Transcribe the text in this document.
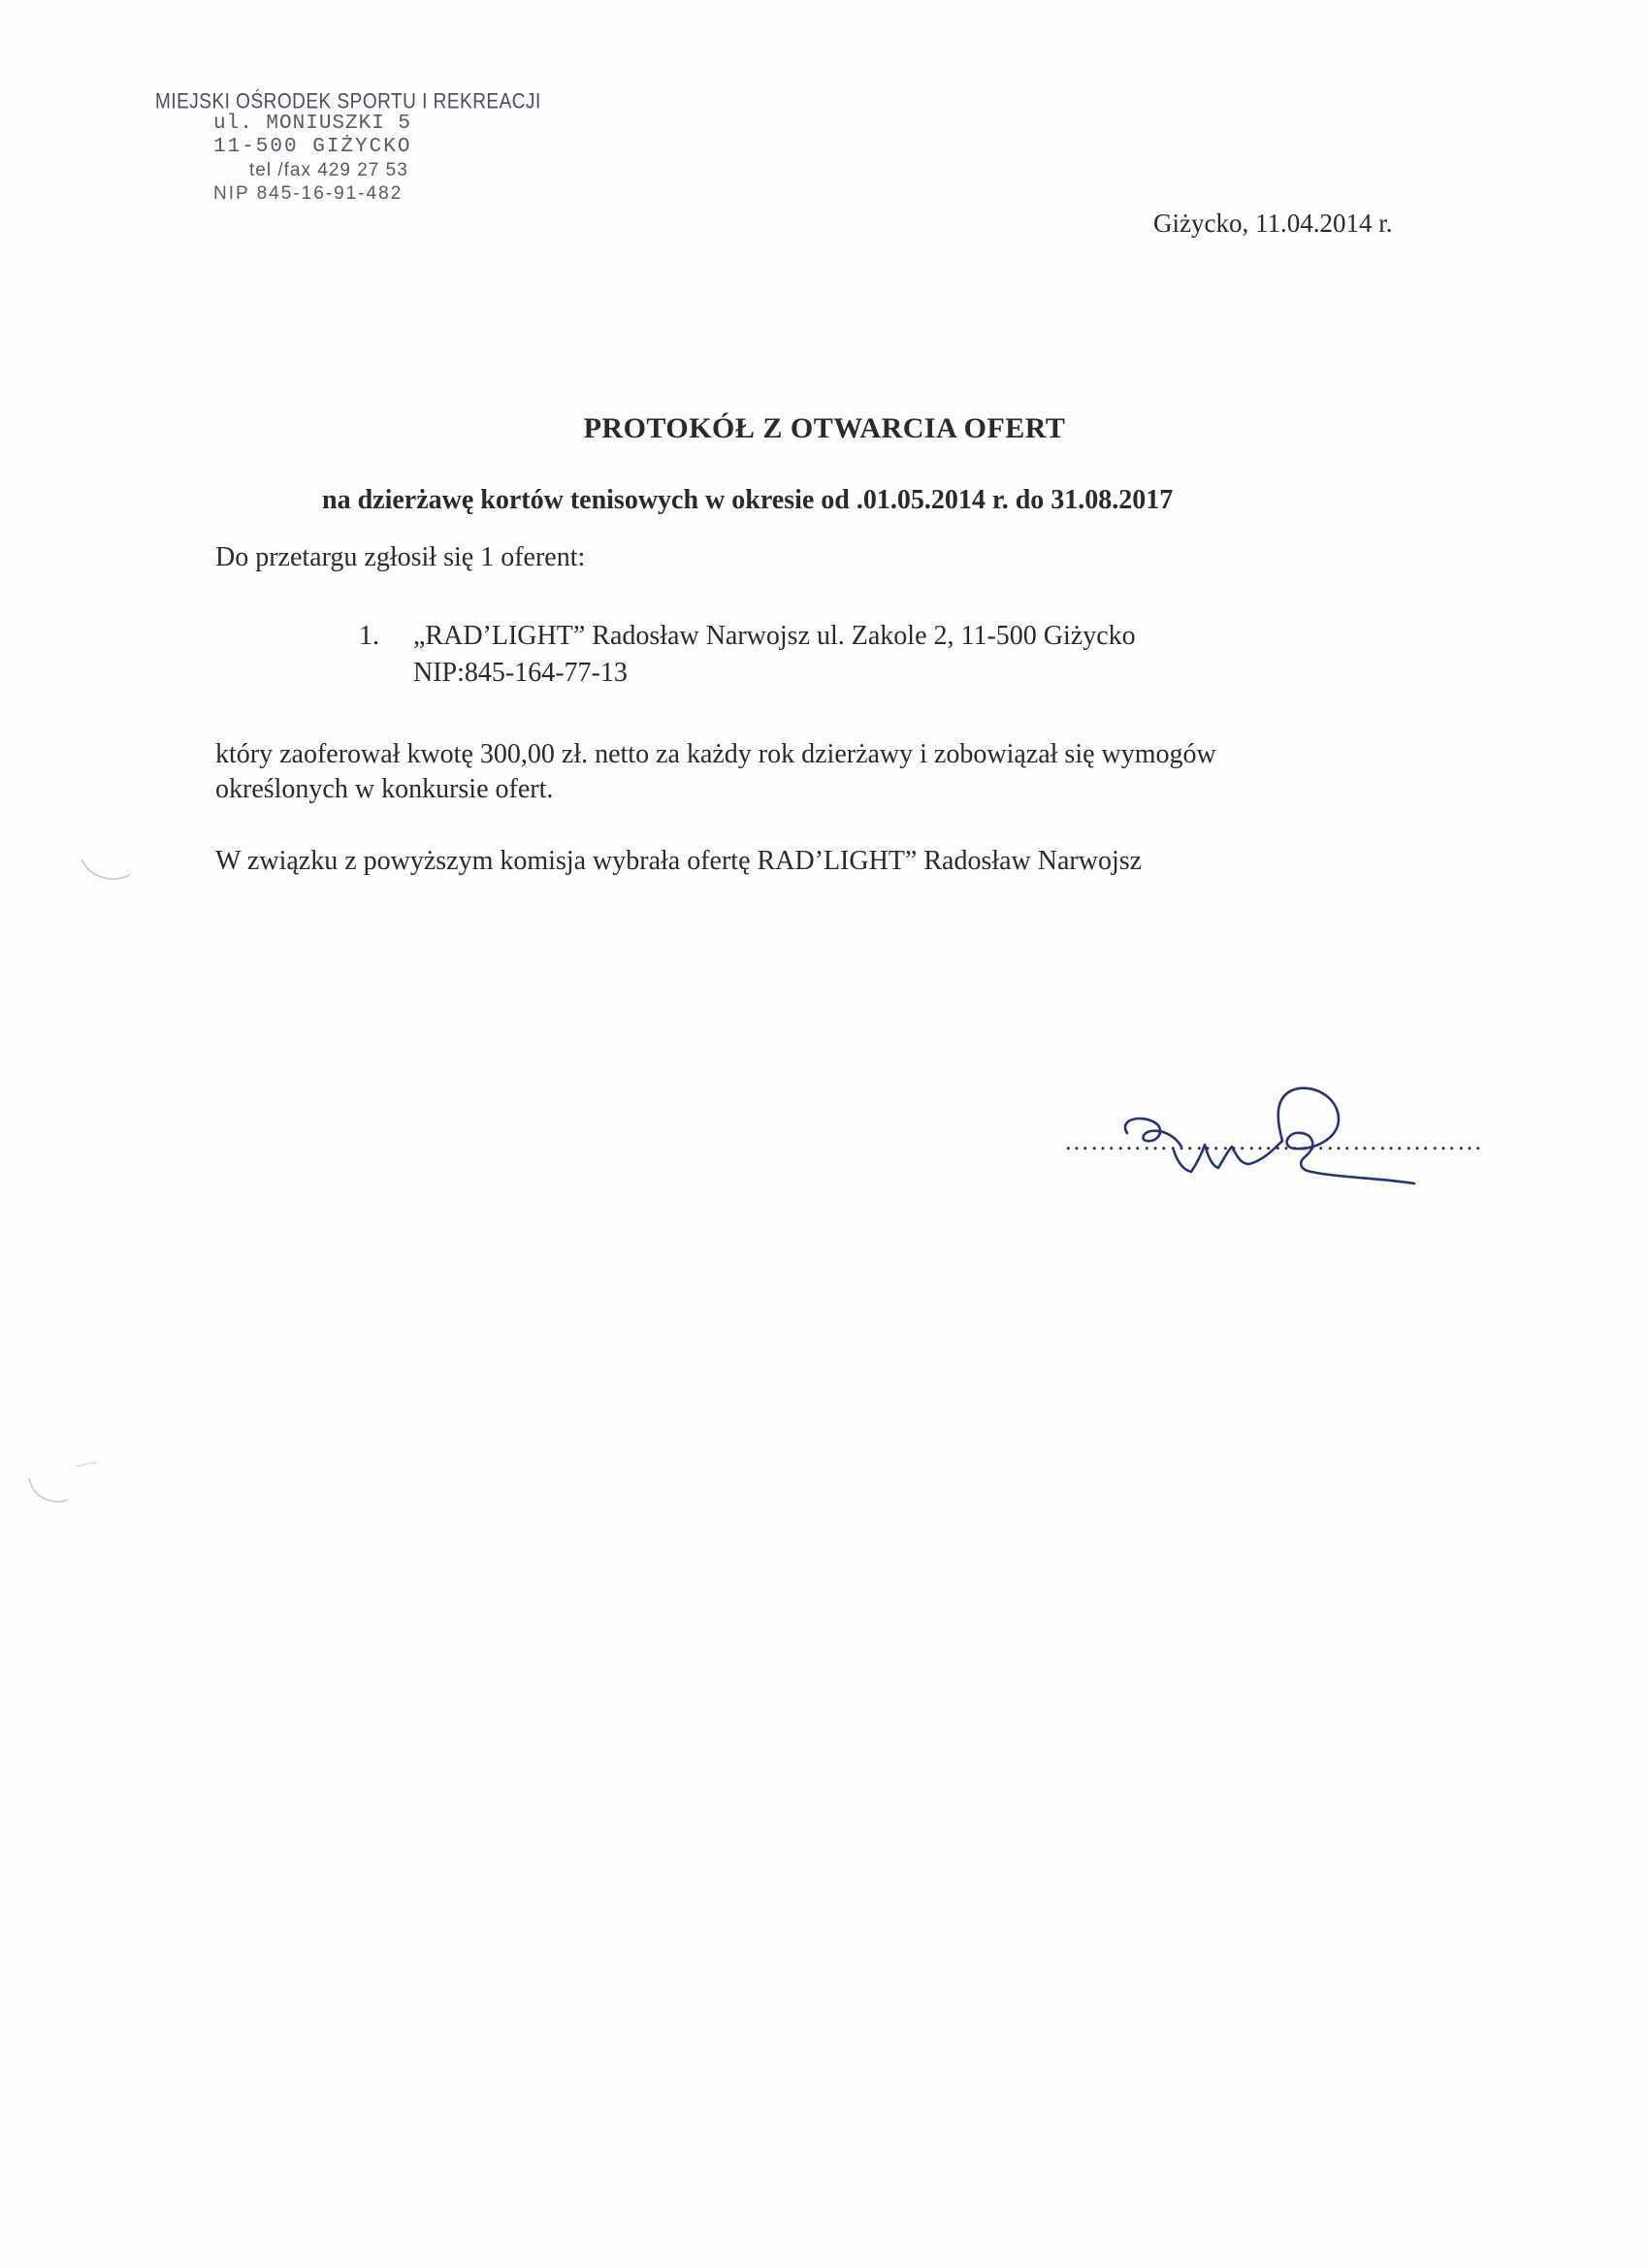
MIEJSKI OŚRODEK SPORTU I REKREACJI
ul. MONIUSZKI 5
11-500 GIŻYCKO
tel /fax 429 27 53
NIP 845-16-91-482
Giżycko, 11.04.2014 r.
PROTOKÓŁ Z OTWARCIA OFERT
na dzierżawę kortów tenisowych w okresie od .01.05.2014 r. do 31.08.2017
Do przetargu zgłosił się 1 oferent:
1. „RAD’LIGHT” Radosław Narwojsz ul. Zakole 2, 11-500 Giżycko
NIP:845-164-77-13
który zaoferował kwotę 300,00 zł. netto za każdy rok dzierżawy i zobowiązał się wymogów
określonych w konkursie ofert.
W związku z powyższym komisja wybrała ofertę RAD’LIGHT” Radosław Narwojsz
…………………………………………
